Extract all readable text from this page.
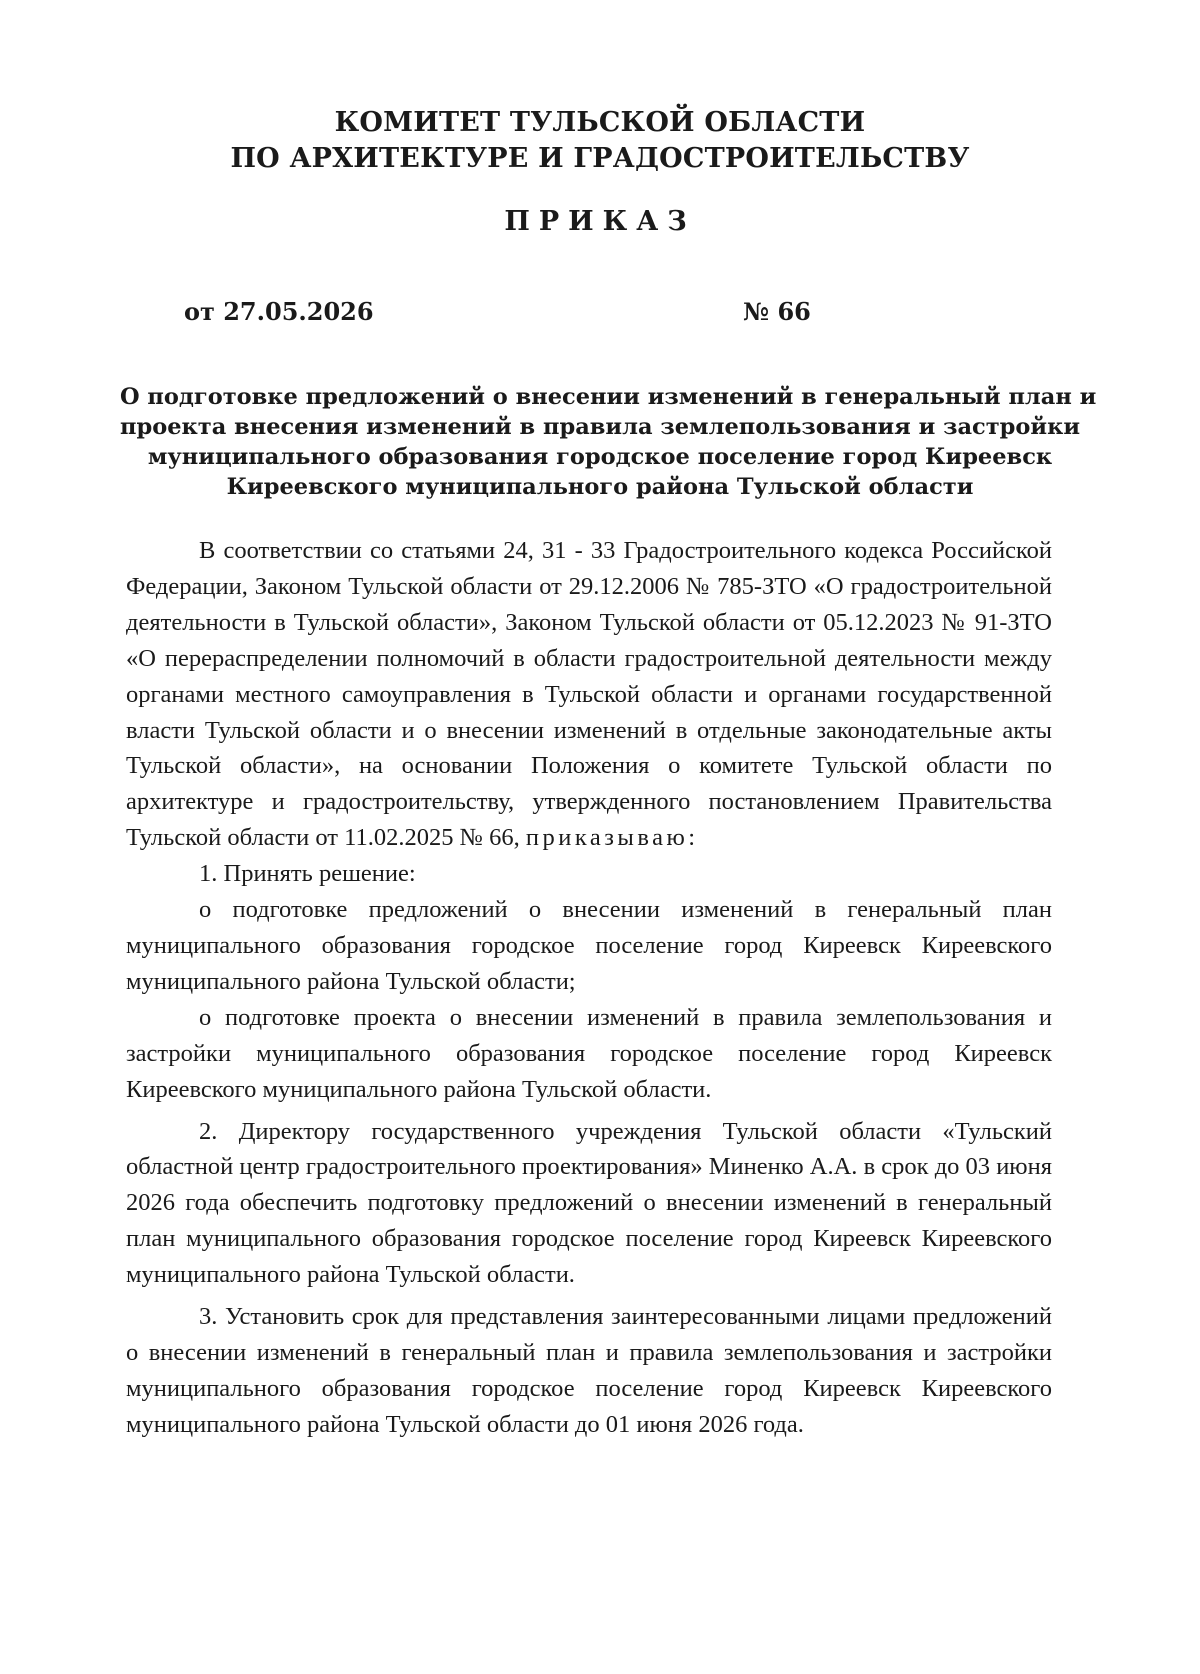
КОМИТЕТ ТУЛЬСКОЙ ОБЛАСТИ
ПО АРХИТЕКТУРЕ И ГРАДОСТРОИТЕЛЬСТВУ
ПРИКАЗ
от 27.05.2026	№ 66
О подготовке предложений о внесении изменений в генеральный план и
проекта внесения изменений в правила землепользования и застройки
муниципального образования городское поселение город Киреевск
Киреевского муниципального района Тульской области

В соответствии со статьями 24, 31 - 33 Градостроительного кодекса Российской Федерации, Законом Тульской области от 29.12.2006 № 785-ЗТО «О градостроительной деятельности в Тульской области», Законом Тульской области от 05.12.2023 № 91-ЗТО «О перераспределении полномочий в области градостроительной деятельности между органами местного самоуправления в Тульской области и органами государственной власти Тульской области и о внесении изменений в отдельные законодательные акты Тульской области», на основании Положения о комитете Тульской области по архитектуре и градостроительству, утвержденного постановлением Правительства Тульской области от 11.02.2025 № 66, приказываю:

1. Принять решение:

о подготовке предложений о внесении изменений в генеральный план муниципального образования городское поселение город Киреевск Киреевского муниципального района Тульской области;

о подготовке проекта о внесении изменений в правила землепользования и застройки муниципального образования городское поселение город Киреевск Киреевского муниципального района Тульской области.

2. Директору государственного учреждения Тульской области «Тульский областной центр градостроительного проектирования» Миненко А.А. в срок до 03 июня 2026 года обеспечить подготовку предложений о внесении изменений в генеральный план муниципального образования городское поселение город Киреевск Киреевского муниципального района Тульской области.

3. Установить срок для представления заинтересованными лицами предложений о внесении изменений в генеральный план и правила землепользования и застройки муниципального образования городское поселение город Киреевск Киреевского муниципального района Тульской области до 01 июня 2026 года.
